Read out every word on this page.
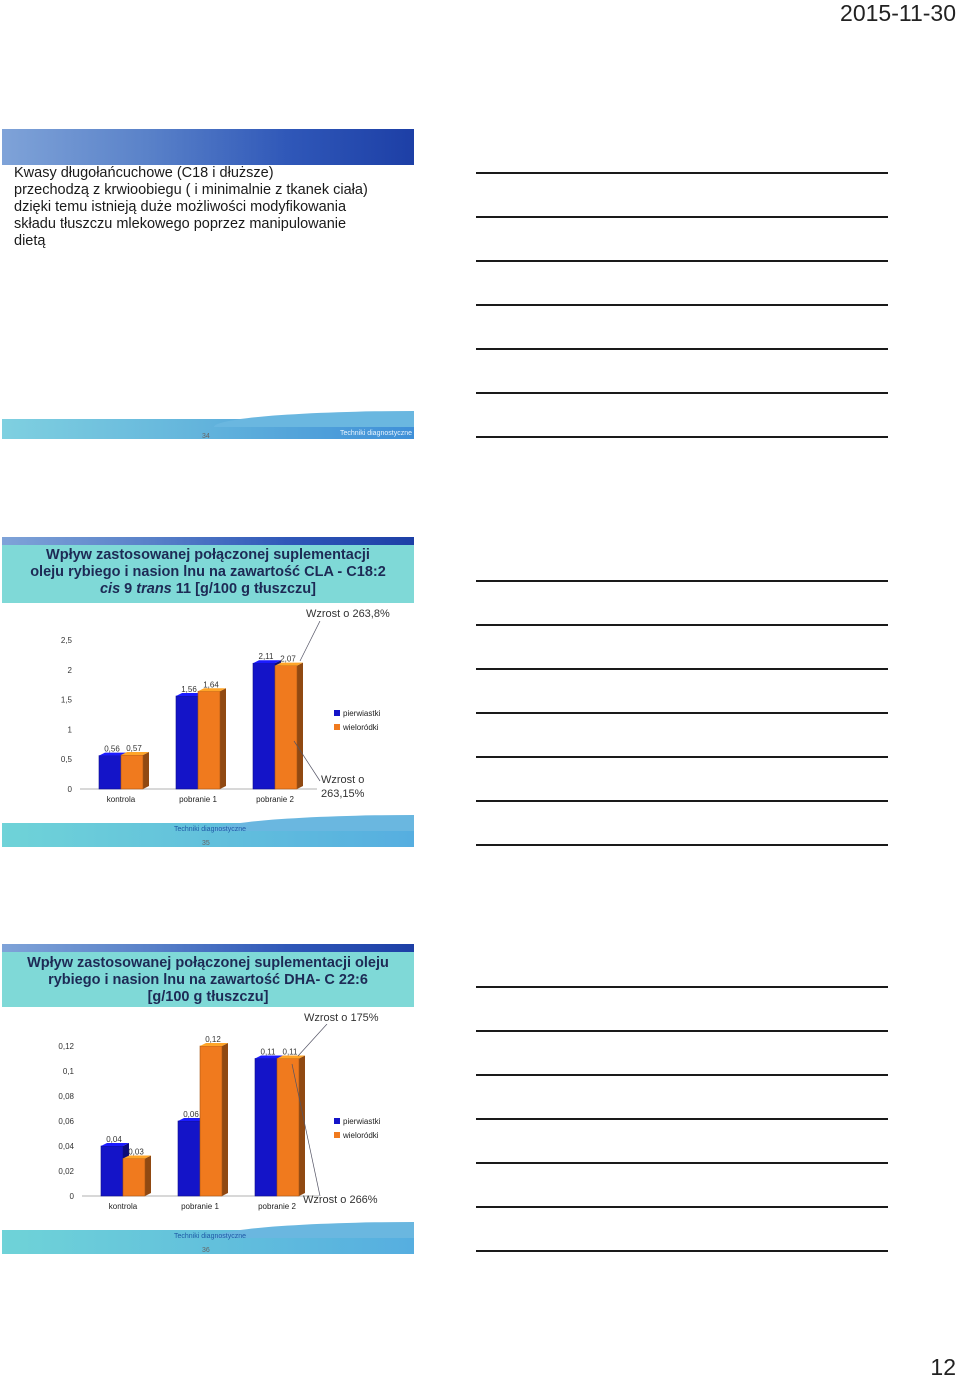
2015-11-30
Kwasy długołańcuchowe (C18 i dłuższe)
przechodzą z krwioobiegu ( i minimalnie z tkanek ciała)
dzięki temu istnieją duże możliwości modyfikowania
składu tłuszczu mlekowego poprzez manipulowanie
dietą
34	Techniki diagnostyczne
Wpływ zastosowanej połączonej suplementacji
oleju rybiego i nasion lnu na zawartość CLA - C18:2
cis 9 trans 11 [g/100 g tłuszczu]
Wzrost o 263,8%
0
0,5
1
1,5
2
2,5
0,56 0,57
kontrola
1,56
1,64
pobranie 1
2,11 2,07
pobranie 2
pierwiastki
wieloródki
Wzrost o
263,15%
Techniki diagnostyczne
35
Wpływ zastosowanej połączonej suplementacji oleju
rybiego i nasion lnu na zawartość DHA- C 22:6
[g/100 g tłuszczu]
Wzrost o 175%
0
0,02
0,04
0,06
0,08
0,1
0,12
0,04
0,03
kontrola
0,06
0,12
pobranie 1
0,11 0,11
pobranie 2
pierwiastki
wieloródki
Wzrost o 266%
Techniki diagnostyczne
36
12
